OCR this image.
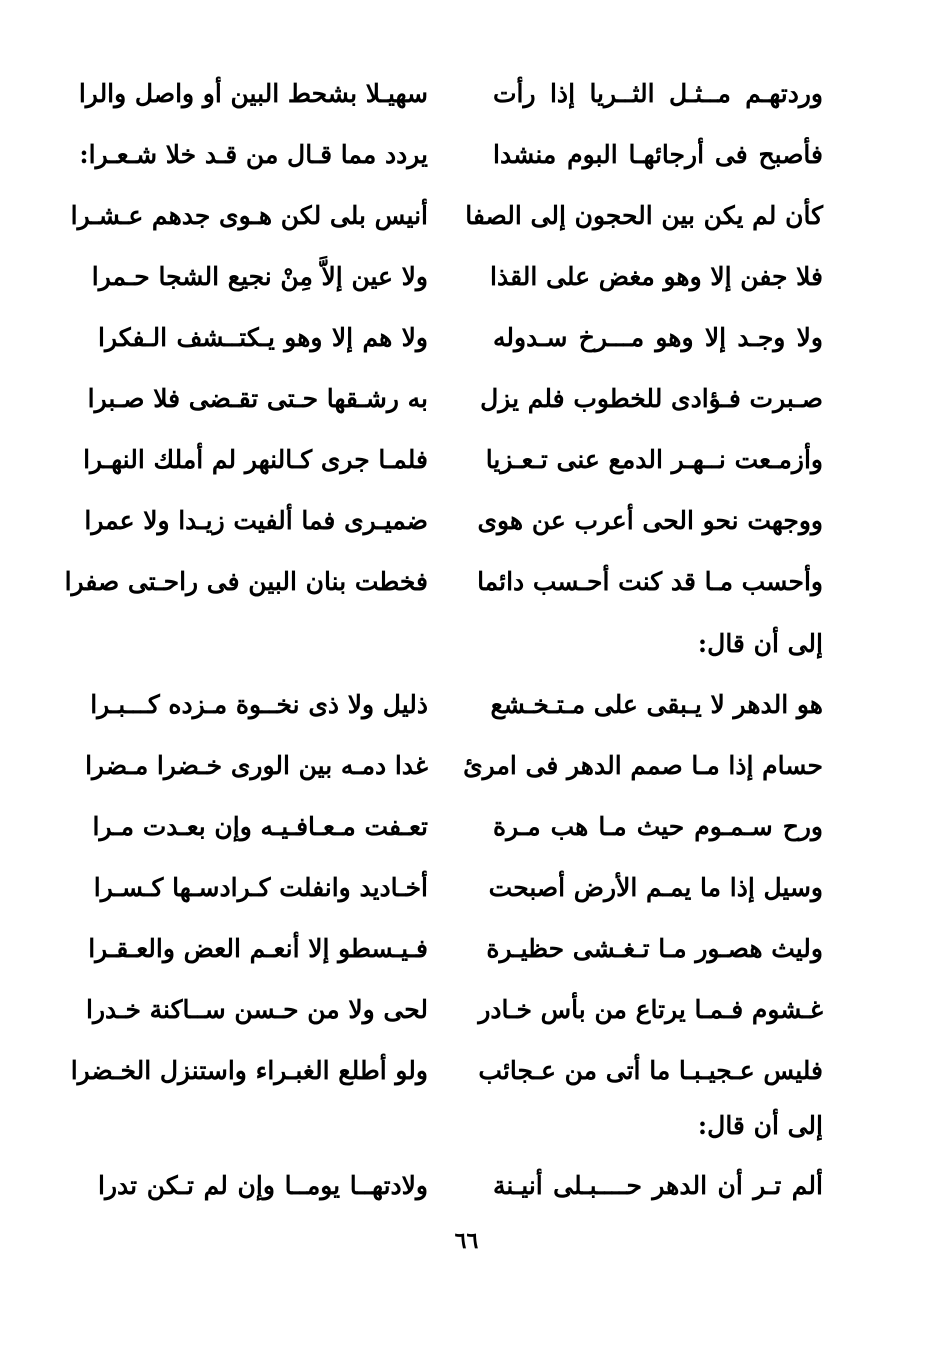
وردتهـم مــثـل الثــريا إذا رأت
سهيـلا بشحط البين أو واصل والرا
فأصبح فى أرجائهـا البوم منشدا
يردد مما قـال من قـد خلا شـعـرا:
كأن لم يكن بين الحجون إلى الصفا
أنيس بلى لكن هـوى جدهم عـشـرا
فلا جفن إلا وهو مغض على القذا
ولا عين إلاَّ مِنْ نجيع الشجا حـمرا
ولا وجـد إلا وهو مـــرخ سـدوله
ولا هم إلا وهو يـكتــشف الـفكرا
صـبرت فـؤادى للخطوب فلم يزل
به رشـقها حـتى تقـضى فلا صـبرا
وأزمـعت نــهـر الدمع عنى تـعـزيا
فلمـا جرى كـالنهر لم أملك النهـرا
ووجهت نحو الحى أعرب عن هوى
ضميـرى فما ألفيت زيـدا ولا عمرا
وأحسب مـا قد كنت أحـسب دائما
فخطت بنان البين فى راحـتى صفرا
إلى أن قال:
هو الدهر لا يـبقى على مـتـخـشع
ذليل ولا ذى نخــوة مـزده كـــبـرا
حسام إذا مـا صمم الدهر فى امرئ
غدا دمـه بين الورى خـضرا مـضرا
ورح سـمـوم حيث مـا هب مـرة
تعـفت مـعـافـيـه وإن بعـدت مـرا
وسيل إذا ما يمـم الأرض أصبحت
أخـاديد وانفلت كـرادسـها كـسـرا
وليث هصـور مـا تـغـشى حظيـرة
فـيـسطو إلا أنعـم العض والعـقـرا
غـشوم فـمـا يرتاع من بأس خـادر
لحى ولا من حـسن ســاكنة خـدرا
فليس عـجيـبـا ما أتى من عـجائب
ولو أطلع الغبـراء واستنزل الخـضرا
إلى أن قال:
ألم تـر أن الدهر حــــبـلى أنيـنة
ولادتهــا يومــا وإن لم تـكن تدرا
٦٦
